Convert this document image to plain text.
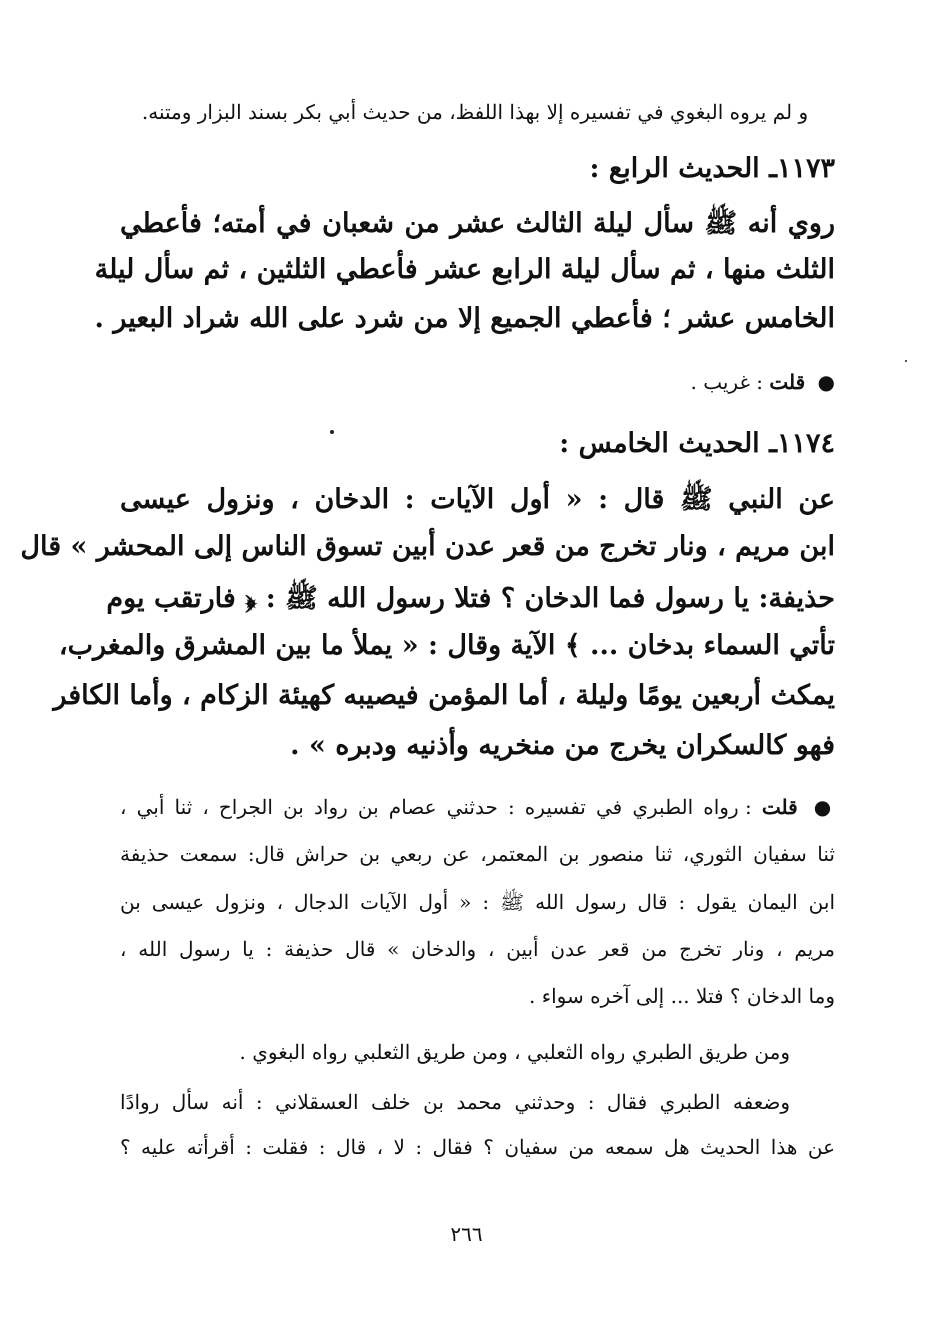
و لم يروه البغوي في تفسيره إلا بهذا اللفظ، من حديث أبي بكر بسند البزار ومتنه.
١١٧٣ـ الحديث الرابع :
روي أنه ﷺ سأل ليلة الثالث عشر من شعبان في أمته؛ فأعطي
الثلث منها ، ثم سأل ليلة الرابع عشر فأعطي الثلثين ، ثم سأل ليلة
الخامس عشر ؛ فأعطي الجميع إلا من شرد على الله شراد البعير .
● قلت : غريب .
١١٧٤ـ الحديث الخامس :
عن النبي ﷺ قال : « أول الآيات : الدخان ، ونزول عيسى
ابن مريم ، ونار تخرج من قعر عدن أبين تسوق الناس إلى المحشر » قال
حذيفة: يا رسول فما الدخان ؟ فتلا رسول الله ﷺ : ﴿ فارتقب يوم
تأتي السماء بدخان ... ﴾ الآية وقال : « يملأ ما بين المشرق والمغرب،
يمكث أربعين يومًا وليلة ، أما المؤمن فيصيبه كهيئة الزكام ، وأما الكافر
فهو كالسكران يخرج من منخريه وأذنيه ودبره » .
● قلت : رواه الطبري في تفسيره : حدثني عصام بن رواد بن الجراح ، ثنا أبي ،
ثنا سفيان الثوري، ثنا منصور بن المعتمر، عن ربعي بن حراش قال: سمعت حذيفة
ابن اليمان يقول : قال رسول الله ﷺ : « أول الآيات الدجال ، ونزول عيسى بن
مريم ، ونار تخرج من قعر عدن أبين ، والدخان » قال حذيفة : يا رسول الله ،
وما الدخان ؟ فتلا ... إلى آخره سواء .
ومن طريق الطبري رواه الثعلبي ، ومن طريق الثعلبي رواه البغوي .
وضعفه الطبري فقال : وحدثني محمد بن خلف العسقلاني : أنه سأل روادًا
عن هذا الحديث هل سمعه من سفيان ؟ فقال : لا ، قال : فقلت : أقرأته عليه ؟
٢٦٦
